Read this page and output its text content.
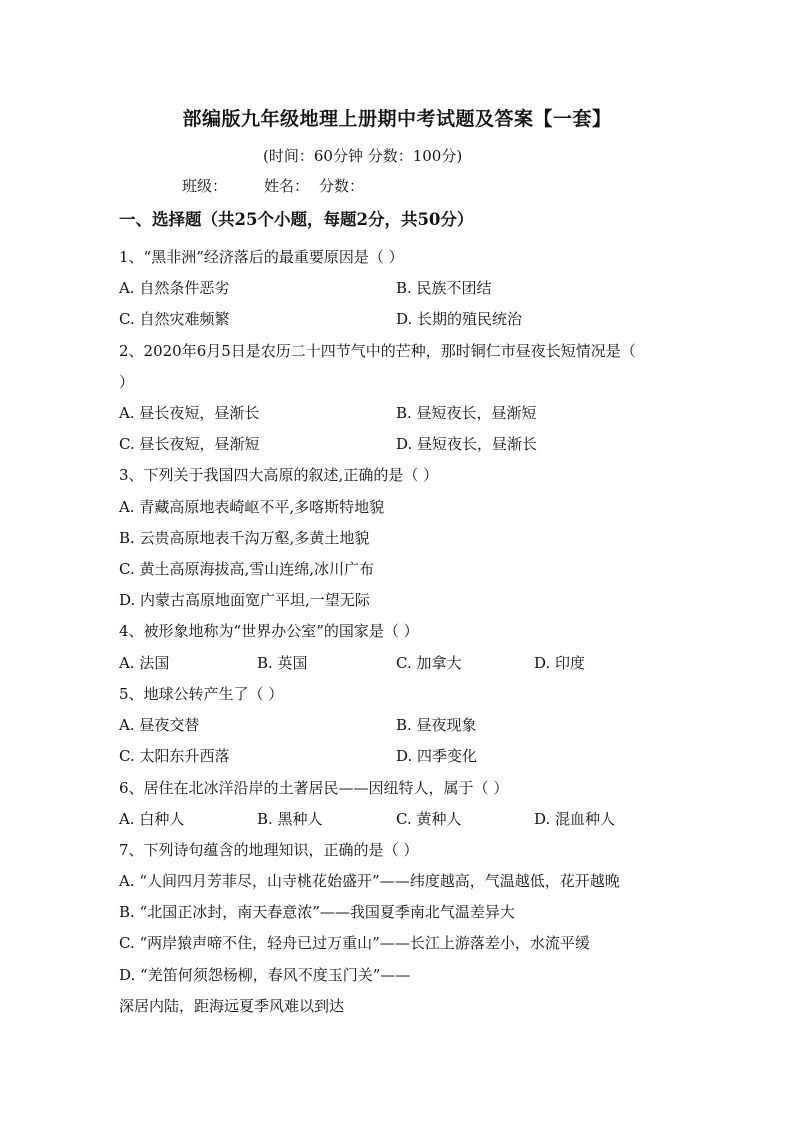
部编版九年级地理上册期中考试题及答案【一套】
(时间：60分钟 分数：100分)
班级： 姓名： 分数：
一、选择题（共25个小题，每题2分，共50分）
1、“黑非洲”经济落后的最重要原因是（ ）
A. 自然条件恶劣	B. 民族不团结
C. 自然灾难频繁	D. 长期的殖民统治
2、2020年6月5日是农历二十四节气中的芒种，那时铜仁市昼夜长短情况是（
）
A. 昼长夜短，昼渐长	B. 昼短夜长，昼渐短
C. 昼长夜短，昼渐短	D. 昼短夜长，昼渐长
3、下列关于我国四大高原的叙述,正确的是（ ）
A. 青藏高原地表崎岖不平,多喀斯特地貌
B. 云贵高原地表千沟万壑,多黄土地貌
C. 黄土高原海拔高,雪山连绵,冰川广布
D. 内蒙古高原地面宽广平坦,一望无际
4、被形象地称为“世界办公室”的国家是（ ）
A. 法国	B. 英国	C. 加拿大	D. 印度
5、地球公转产生了（ ）
A. 昼夜交替	B. 昼夜现象
C. 太阳东升西落	D. 四季变化
6、居住在北冰洋沿岸的土著居民——因纽特人，属于（ ）
A. 白种人	B. 黑种人	C. 黄种人	D. 混血种人
7、下列诗句蕴含的地理知识，正确的是（ ）
A. “人间四月芳菲尽，山寺桃花始盛开”——纬度越高，气温越低，花开越晚
B. “北国正冰封，南天春意浓”——我国夏季南北气温差异大
C. “两岸猿声啼不住，轻舟已过万重山”——长江上游落差小，水流平缓
D. “羌笛何须怨杨柳，春风不度玉门关”——
深居内陆，距海远夏季风难以到达
